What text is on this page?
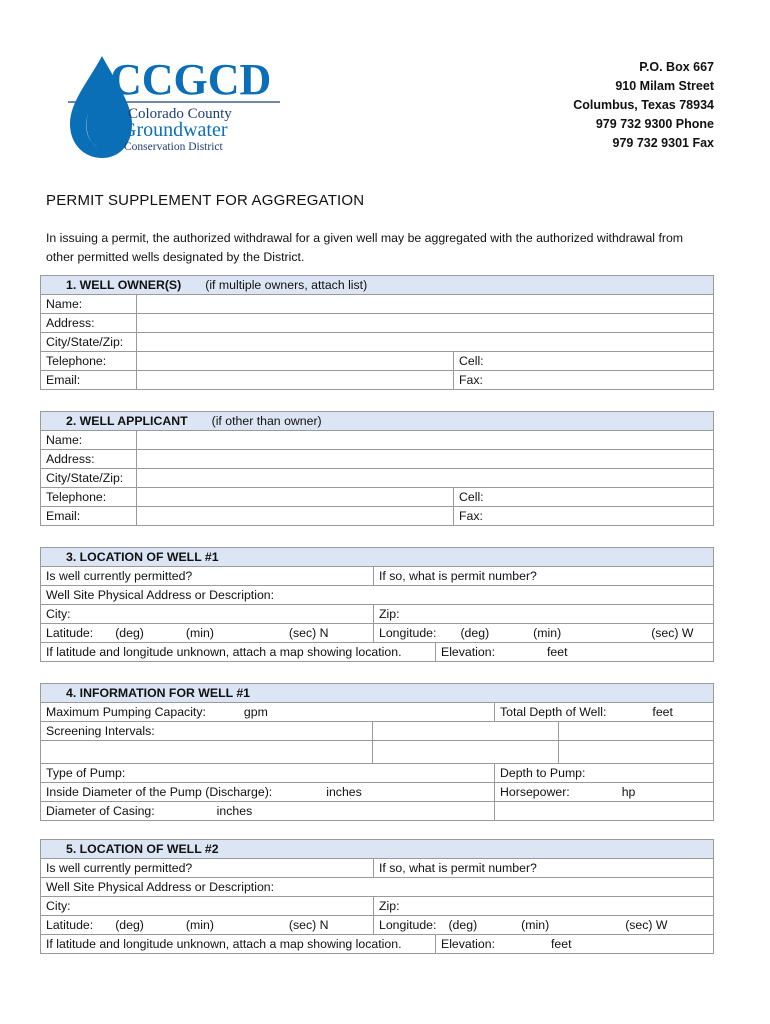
CCGCD
Colorado County
Groundwater
Conservation District
P.O. Box 667
910 Milam Street
Columbus, Texas 78934
979 732 9300 Phone
979 732 9301 Fax
PERMIT SUPPLEMENT FOR AGGREGATION
In issuing a permit, the authorized withdrawal for a given well may be aggregated with the authorized withdrawal from other permitted wells designated by the District.
1. WELL OWNER(S) (if multiple owners, attach list)		
Name:		
Address:		
City/State/Zip:		
Telephone:		Cell:
Email:		Fax:
2. WELL APPLICANT (if other than owner)		
Name:		
Address:		
City/State/Zip:		
Telephone:		Cell:
Email:		Fax:
3. LOCATION OF WELL #1		
Is well currently permitted?	If so, what is permit number?	
Well Site Physical Address or Description:		
City:	Zip:	

Latitude: (deg) (min) (sec) N	Longitude: (deg) (min) (sec) W	
If latitude and longitude unknown, attach a map showing location.		Elevation: feet
4. INFORMATION FOR WELL #1			
Maximum Pumping Capacity: gpm		Total Depth of Well: feet	
Screening Intervals:			

Type of Pump:		Depth to Pump:	
Inside Diameter of the Pump (Discharge): inches		Horsepower: hp	
Diameter of Casing: inches			
5. LOCATION OF WELL #2		
Is well currently permitted?	If so, what is permit number?	
Well Site Physical Address or Description:		
City:	Zip:	

Latitude: (deg) (min) (sec) N	Longitude: (deg) (min) (sec) W	
If latitude and longitude unknown, attach a map showing location.		Elevation: feet
